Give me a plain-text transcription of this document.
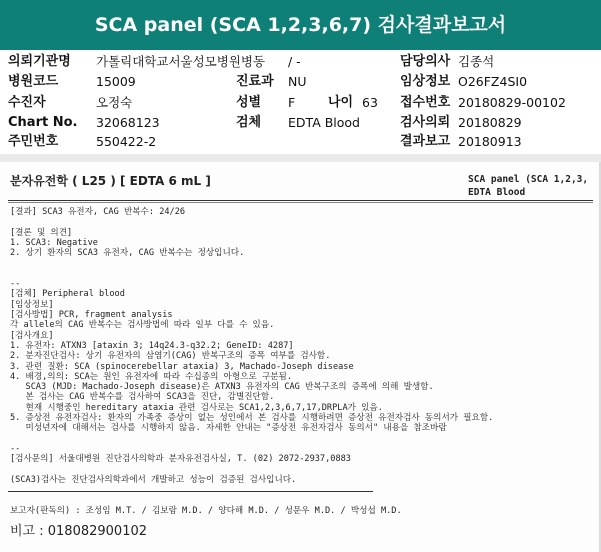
SCA panel (SCA 1,2,3,6,7) 검사결과보고서
의뢰기관명 가톨릭대학교서울성모병원병동 / -	담당의사 김종석
병원코드	15009	진료과 NU	임상정보 O26FZ4SI0
수진자	오정숙	성별 F	나이 63 접수번호 20180829-00102
Chart No. 32068123	검체 EDTA Blood	검사의뢰 20180829
주민번호	550422-2	결과보고 20180913
분자유전학 ( L25 ) [ EDTA 6 mL ]	SCA panel (SCA 1,2,3,
EDTA Blood
[결과] SCA3 유전자, CAG 반복수: 24/26
[결론 및 의견]
1. SCA3: Negative
2. 상기 환자의 SCA3 유전자, CAG 반복수는 정상입니다.
--
[검체] Peripheral blood
[임상정보]
[검사방법] PCR, fragment analysis
각 allele의 CAG 반복수는 검사방법에 따라 일부 다를 수 있음.
[검사개요]
1. 유전자: ATXN3 [ataxin 3; 14q24.3-q32.2; GeneID: 4287]
2. 분자진단검사: 상기 유전자의 삼염기(CAG) 반복구조의 증폭 여부를 검사함.
3. 관련 질환: SCA (spinocerebellar ataxia) 3, Machado-Joseph disease
4. 배경,의의: SCA는 원인 유전자에 따라 수십종의 아형으로 구분됨.
SCA3 (MJD: Machado-Joseph disease)은 ATXN3 유전자의 CAG 반복구조의 증폭에 의해 발생함.
본 검사는 CAG 반복수를 검사하여 SCA3을 진단, 감별진단함.
현재 시행중인 hereditary ataxia 관련 검사로는 SCA1,2,3,6,7,17,DRPLA가 있음.
5. 증상전 유전자검사: 환자의 가족중 증상이 없는 성인에서 본 검사를 시행하려면 증상전 유전자검사 동의서가 필요함.
미성년자에 대해서는 검사를 시행하지 않음. 자세한 안내는 "증상전 유전자검사 동의서" 내용을 참조바람
--
[검사문의] 서울대병원 진단검사의학과 분자유전검사실, T. (02) 2072-2937,0883
(SCA3)검사는 진단검사의학과에서 개발하고 성능이 검증된 검사입니다.
보고자(판독의) : 조성임 M.T. / 김보람 M.D. / 양다해 M.D. / 성문우 M.D. / 박성섭 M.D.
비고 : 018082900102
